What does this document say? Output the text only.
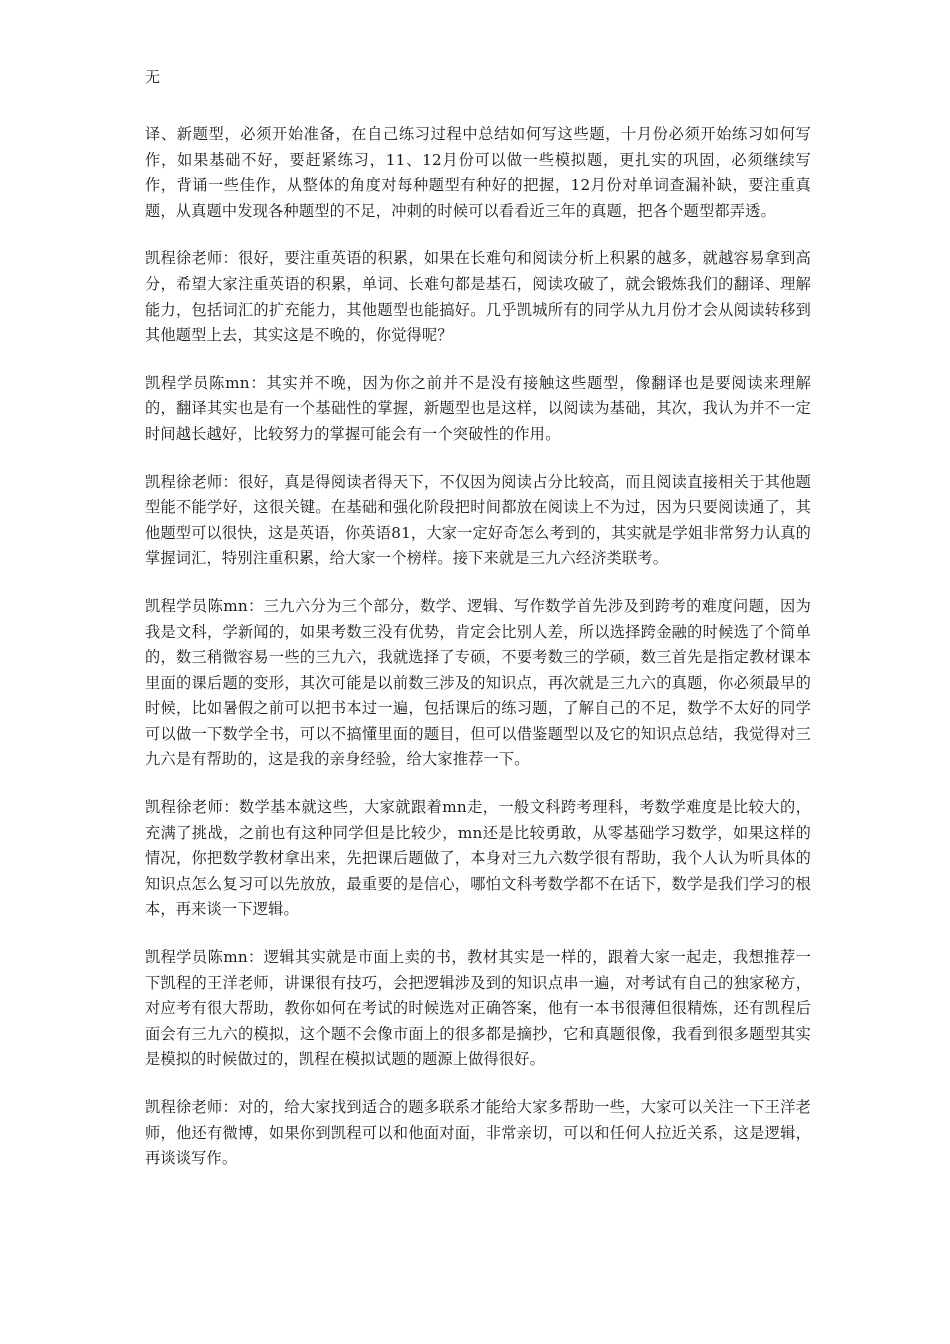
无

译、新题型，必须开始准备，在自己练习过程中总结如何写这些题，十月份必须开始练习如何写作，如果基础不好，要赶紧练习，11、12月份可以做一些模拟题，更扎实的巩固，必须继续写作，背诵一些佳作，从整体的角度对每种题型有种好的把握，12月份对单词查漏补缺，要注重真题，从真题中发现各种题型的不足，冲刺的时候可以看看近三年的真题，把各个题型都弄透。

凯程徐老师：很好，要注重英语的积累，如果在长难句和阅读分析上积累的越多，就越容易拿到高分，希望大家注重英语的积累，单词、长难句都是基石，阅读攻破了，就会锻炼我们的翻译、理解能力，包括词汇的扩充能力，其他题型也能搞好。几乎凯城所有的同学从九月份才会从阅读转移到其他题型上去，其实这是不晚的，你觉得呢？

凯程学员陈mn：其实并不晚，因为你之前并不是没有接触这些题型，像翻译也是要阅读来理解的，翻译其实也是有一个基础性的掌握，新题型也是这样，以阅读为基础，其次，我认为并不一定时间越长越好，比较努力的掌握可能会有一个突破性的作用。

凯程徐老师：很好，真是得阅读者得天下，不仅因为阅读占分比较高，而且阅读直接相关于其他题型能不能学好，这很关键。在基础和强化阶段把时间都放在阅读上不为过，因为只要阅读通了，其他题型可以很快，这是英语，你英语81，大家一定好奇怎么考到的，其实就是学姐非常努力认真的掌握词汇，特别注重积累，给大家一个榜样。接下来就是三九六经济类联考。

凯程学员陈mn：三九六分为三个部分，数学、逻辑、写作数学首先涉及到跨考的难度问题，因为我是文科，学新闻的，如果考数三没有优势，肯定会比别人差，所以选择跨金融的时候选了个简单的，数三稍微容易一些的三九六，我就选择了专硕，不要考数三的学硕，数三首先是指定教材课本里面的课后题的变形，其次可能是以前数三涉及的知识点，再次就是三九六的真题，你必须最早的时候，比如暑假之前可以把书本过一遍，包括课后的练习题，了解自己的不足，数学不太好的同学可以做一下数学全书，可以不搞懂里面的题目，但可以借鉴题型以及它的知识点总结，我觉得对三九六是有帮助的，这是我的亲身经验，给大家推荐一下。

凯程徐老师：数学基本就这些，大家就跟着mn走，一般文科跨考理科，考数学难度是比较大的，充满了挑战，之前也有这种同学但是比较少，mn还是比较勇敢，从零基础学习数学，如果这样的情况，你把数学教材拿出来，先把课后题做了，本身对三九六数学很有帮助，我个人认为听具体的知识点怎么复习可以先放放，最重要的是信心，哪怕文科考数学都不在话下，数学是我们学习的根本，再来谈一下逻辑。

凯程学员陈mn：逻辑其实就是市面上卖的书，教材其实是一样的，跟着大家一起走，我想推荐一下凯程的王洋老师，讲课很有技巧，会把逻辑涉及到的知识点串一遍，对考试有自己的独家秘方，对应考有很大帮助，教你如何在考试的时候选对正确答案，他有一本书很薄但很精炼，还有凯程后面会有三九六的模拟，这个题不会像市面上的很多都是摘抄，它和真题很像，我看到很多题型其实是模拟的时候做过的，凯程在模拟试题的题源上做得很好。

凯程徐老师：对的，给大家找到适合的题多联系才能给大家多帮助一些，大家可以关注一下王洋老师，他还有微博，如果你到凯程可以和他面对面，非常亲切，可以和任何人拉近关系，这是逻辑，再谈谈写作。
